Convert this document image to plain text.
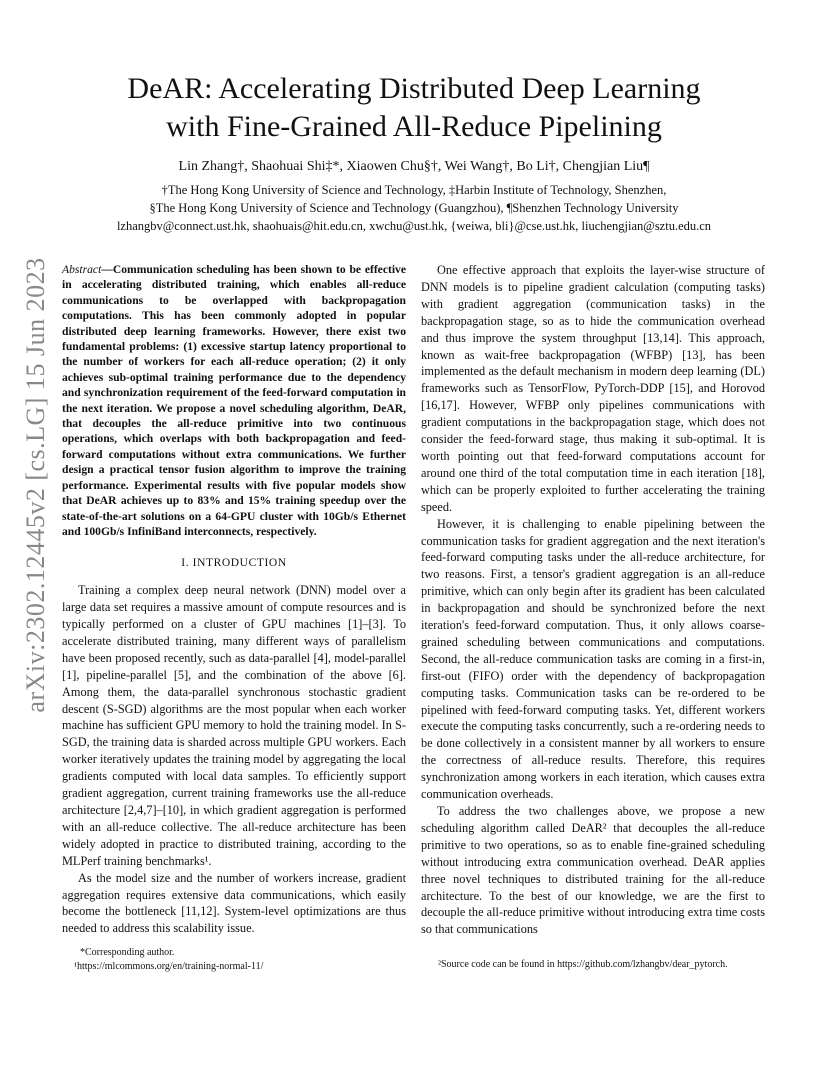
DeAR: Accelerating Distributed Deep Learning
with Fine-Grained All-Reduce Pipelining
Lin Zhang†, Shaohuai Shi‡*, Xiaowen Chu§†, Wei Wang†, Bo Li†, Chengjian Liu¶
†The Hong Kong University of Science and Technology, ‡Harbin Institute of Technology, Shenzhen,
§The Hong Kong University of Science and Technology (Guangzhou), ¶Shenzhen Technology University
lzhangbv@connect.ust.hk, shaohuais@hit.edu.cn, xwchu@ust.hk, {weiwa, bli}@cse.ust.hk, liuchengjian@sztu.edu.cn
arXiv:2302.12445v2 [cs.LG] 15 Jun 2023 Abstract—Communication scheduling has been shown to be effective in accelerating distributed training, which enables all-reduce communications to be overlapped with backpropagation computations. This has been commonly adopted in popular distributed deep learning frameworks. However, there exist two fundamental problems: (1) excessive startup latency proportional to the number of workers for each all-reduce operation; (2) it only achieves sub-optimal training performance due to the dependency and synchronization requirement of the feed-forward computation in the next iteration. We propose a novel scheduling algorithm, DeAR, that decouples the all-reduce primitive into two continuous operations, which overlaps with both backpropagation and feed-forward computations without extra communications. We further design a practical tensor fusion algorithm to improve the training performance. Experimental results with five popular models show that DeAR achieves up to 83% and 15% training speedup over the state-of-the-art solutions on a 64-GPU cluster with 10Gb/s Ethernet and 100Gb/s InfiniBand interconnects, respectively.
I. INTRODUCTION

Training a complex deep neural network (DNN) model over a large data set requires a massive amount of compute resources and is typically performed on a cluster of GPU machines [1]–[3]. To accelerate distributed training, many different ways of parallelism have been proposed recently, such as data-parallel [4], model-parallel [1], pipeline-parallel [5], and the combination of the above [6]. Among them, the data-parallel synchronous stochastic gradient descent (S-SGD) algorithms are the most popular when each worker machine has sufficient GPU memory to hold the training model. In S-SGD, the training data is sharded across multiple GPU workers. Each worker iteratively updates the training model by aggregating the local gradients computed with local data samples. To efficiently support gradient aggregation, current training frameworks use the all-reduce architecture [2,4,7]–[10], in which gradient aggregation is performed with an all-reduce collective. The all-reduce architecture has been widely adopted in practice to distributed training, according to the MLPerf training benchmarks¹.

As the model size and the number of workers increase, gradient aggregation requires extensive data communications, which easily become the bottleneck [11,12]. System-level optimizations are thus needed to address this scalability issue.

One effective approach that exploits the layer-wise structure of DNN models is to pipeline gradient calculation (computing tasks) with gradient aggregation (communication tasks) in the backpropagation stage, so as to hide the communication overhead and thus improve the system throughput [13,14]. This approach, known as wait-free backpropagation (WFBP) [13], has been implemented as the default mechanism in modern deep learning (DL) frameworks such as TensorFlow, PyTorch-DDP [15], and Horovod [16,17]. However, WFBP only pipelines communications with gradient computations in the backpropagation stage, which does not consider the feed-forward stage, thus making it sub-optimal. It is worth pointing out that feed-forward computations account for around one third of the total computation time in each iteration [18], which can be properly exploited to further accelerating the training speed.

However, it is challenging to enable pipelining between the communication tasks for gradient aggregation and the next iteration's feed-forward computing tasks under the all-reduce architecture, for two reasons. First, a tensor's gradient aggregation is an all-reduce primitive, which can only begin after its gradient has been calculated in backpropagation and should be synchronized before the next iteration's feed-forward computation. Thus, it only allows coarse-grained scheduling between communications and computations. Second, the all-reduce communication tasks are coming in a first-in, first-out (FIFO) order with the dependency of backpropagation computing tasks. Communication tasks can be re-ordered to be pipelined with feed-forward computing tasks. Yet, different workers execute the computing tasks concurrently, such a re-ordering needs to be done collectively in a consistent manner by all workers to ensure the correctness of all-reduce results. Therefore, this requires synchronization among workers in each iteration, which causes extra communication overheads.

To address the two challenges above, we propose a new scheduling algorithm called DeAR² that decouples the all-reduce primitive to two operations, so as to enable fine-grained scheduling without introducing extra communication overhead. DeAR applies three novel techniques to distributed training for the all-reduce architecture. To the best of our knowledge, we are the first to decouple the all-reduce primitive without introducing extra time costs so that communications

*Corresponding author.
¹https://mlcommons.org/en/training-normal-11/	²Source code can be found in https://github.com/lzhangbv/dear_pytorch.
